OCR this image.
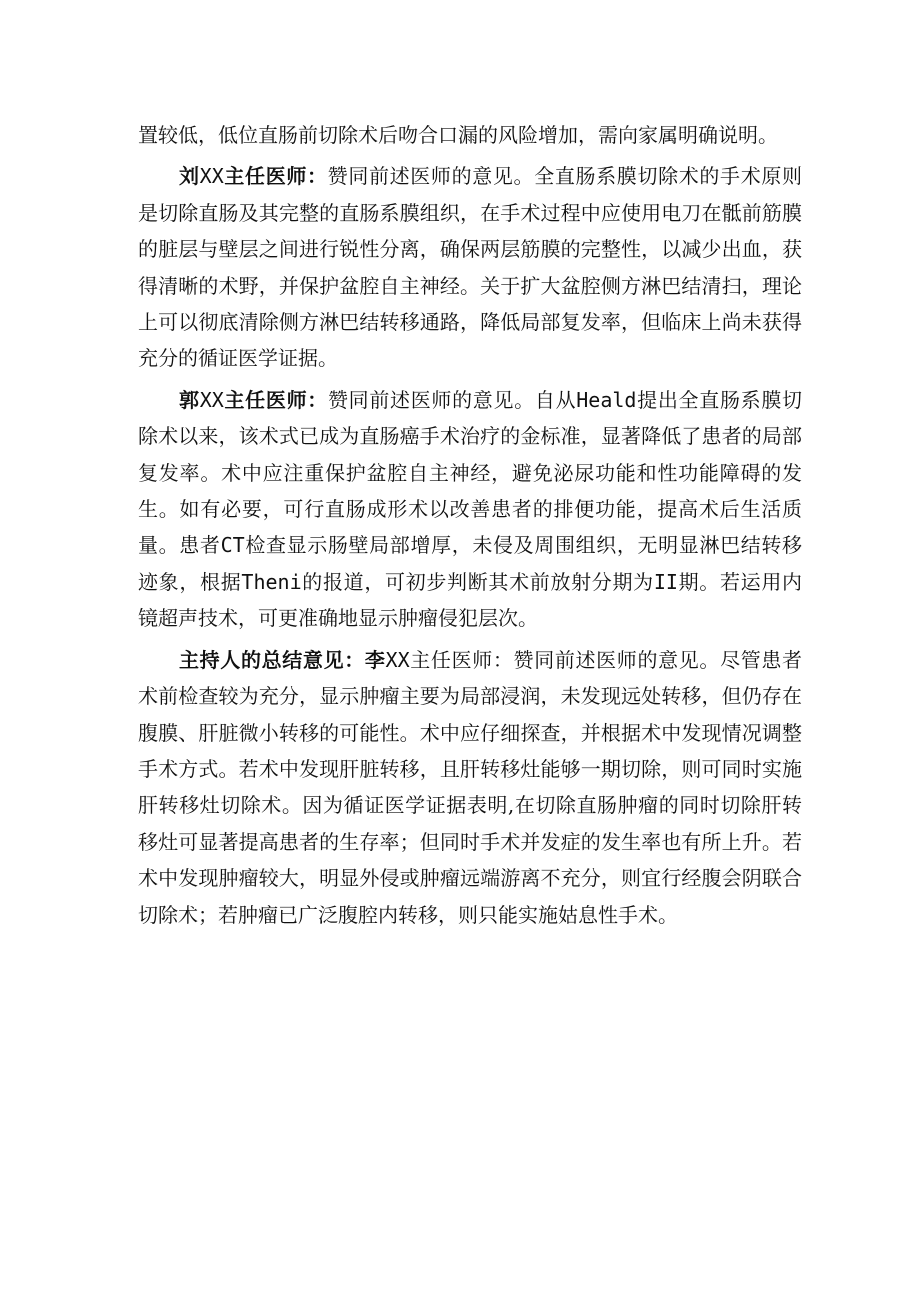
置较低，低位直肠前切除术后吻合口漏的风险增加，需向家属明确说明。

刘XX主任医师：赞同前述医师的意见。全直肠系膜切除术的手术原则是切除直肠及其完整的直肠系膜组织，在手术过程中应使用电刀在骶前筋膜的脏层与壁层之间进行锐性分离，确保两层筋膜的完整性，以减少出血，获得清晰的术野，并保护盆腔自主神经。关于扩大盆腔侧方淋巴结清扫，理论上可以彻底清除侧方淋巴结转移通路，降低局部复发率，但临床上尚未获得充分的循证医学证据。

郭XX主任医师：赞同前述医师的意见。自从Heald提出全直肠系膜切除术以来，该术式已成为直肠癌手术治疗的金标准，显著降低了患者的局部复发率。术中应注重保护盆腔自主神经，避免泌尿功能和性功能障碍的发生。如有必要，可行直肠成形术以改善患者的排便功能，提高术后生活质量。患者CT检查显示肠壁局部增厚，未侵及周围组织，无明显淋巴结转移迹象，根据Theni的报道，可初步判断其术前放射分期为II期。若运用内镜超声技术，可更准确地显示肿瘤侵犯层次。

主持人的总结意见：李XX主任医师：赞同前述医师的意见。尽管患者术前检查较为充分，显示肿瘤主要为局部浸润，未发现远处转移，但仍存在腹膜、肝脏微小转移的可能性。术中应仔细探查，并根据术中发现情况调整手术方式。若术中发现肝脏转移，且肝转移灶能够一期切除，则可同时实施肝转移灶切除术。因为循证医学证据表明,在切除直肠肿瘤的同时切除肝转移灶可显著提高患者的生存率；但同时手术并发症的发生率也有所上升。若术中发现肿瘤较大，明显外侵或肿瘤远端游离不充分，则宜行经腹会阴联合切除术；若肿瘤已广泛腹腔内转移，则只能实施姑息性手术。
